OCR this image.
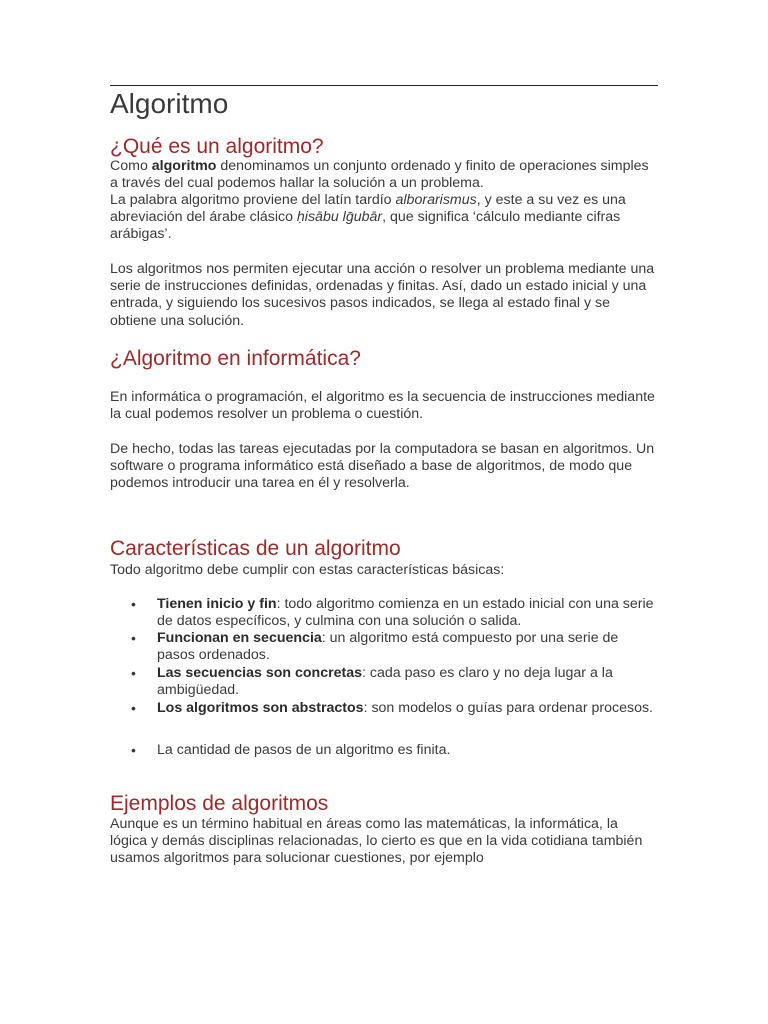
Algoritmo
¿Qué es un algoritmo?

Como algoritmo denominamos un conjunto ordenado y finito de operaciones simples a través del cual podemos hallar la solución a un problema.

La palabra algoritmo proviene del latín tardío alborarismus, y este a su vez es una abreviación del árabe clásico ḥisābu lḡubār, que significa ‘cálculo mediante cifras arábigas’.

Los algoritmos nos permiten ejecutar una acción o resolver un problema mediante una serie de instrucciones definidas, ordenadas y finitas. Así, dado un estado inicial y una entrada, y siguiendo los sucesivos pasos indicados, se llega al estado final y se obtiene una solución.

¿Algoritmo en informática?

En informática o programación, el algoritmo es la secuencia de instrucciones mediante la cual podemos resolver un problema o cuestión.

De hecho, todas las tareas ejecutadas por la computadora se basan en algoritmos. Un software o programa informático está diseñado a base de algoritmos, de modo que podemos introducir una tarea en él y resolverla.

Características de un algoritmo

Todo algoritmo debe cumplir con estas características básicas:

• Tienen inicio y fin: todo algoritmo comienza en un estado inicial con una serie de datos específicos, y culmina con una solución o salida.
• Funcionan en secuencia: un algoritmo está compuesto por una serie de pasos ordenados.
• Las secuencias son concretas: cada paso es claro y no deja lugar a la ambigüedad.
• Los algoritmos son abstractos: son modelos o guías para ordenar procesos.
• La cantidad de pasos de un algoritmo es finita.
Ejemplos de algoritmos

Aunque es un término habitual en áreas como las matemáticas, la informática, la lógica y demás disciplinas relacionadas, lo cierto es que en la vida cotidiana también usamos algoritmos para solucionar cuestiones, por ejemplo
